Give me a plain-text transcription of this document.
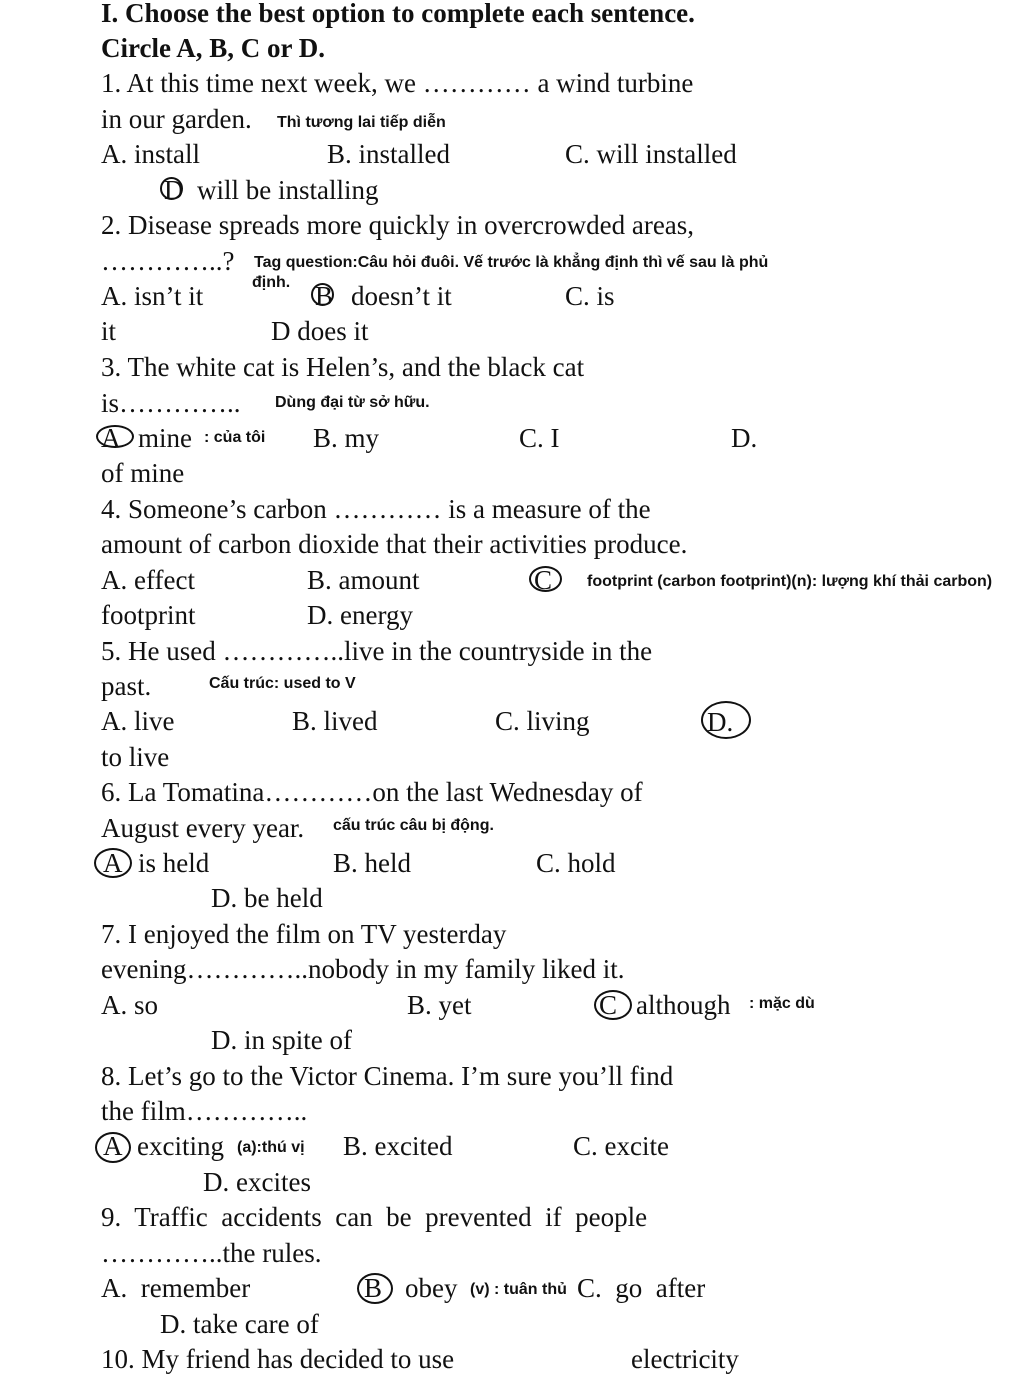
I. Choose the best option to complete each sentence.
Circle A, B, C or D.
1. At this time next week, we ………… a wind turbine
in our garden. Thì tương lai tiếp diễn
A. install	B. installed	C. will installed
D will be installing
2. Disease spreads more quickly in overcrowded areas,
…………..? Tag question:Câu hỏi đuôi. Vế trước là khẳng định thì vế sau là phủ
định.
A. isn’t it	B doesn’t it	C. is
it	D does it
3. The white cat is Helen’s, and the black cat
is………….. Dùng đại từ sở hữu.
A mine : của tôi B. my	C. I	D.
of mine
4. Someone’s carbon ………… is a measure of the
amount of carbon dioxide that their activities produce.
A. effect	B. amount	C footprint (carbon footprint)(n): lượng khí thải carbon)
footprint	D. energy
5. He used …………..live in the countryside in the
past.	Cấu trúc: used to V
A. live	B. lived	C. living	D.
to live
6. La Tomatina…………on the last Wednesday of
August every year. cấu trúc câu bị động.
A is held	B. held	C. hold
D. be held
7. I enjoyed the film on TV yesterday
evening…………..nobody in my family liked it.
A. so	B. yet	C although : mặc dù
D. in spite of
8. Let’s go to the Victor Cinema. I’m sure you’ll find
the film…………..
A exciting (a):thú vị B. excited	C. excite
D. excites
9.  Traffic  accidents  can  be  prevented  if  people
…………..the rules.
A.  remember	B obey (v) : tuân thủ C.  go  after
D. take care of
10. My friend has decided to use	electricity
